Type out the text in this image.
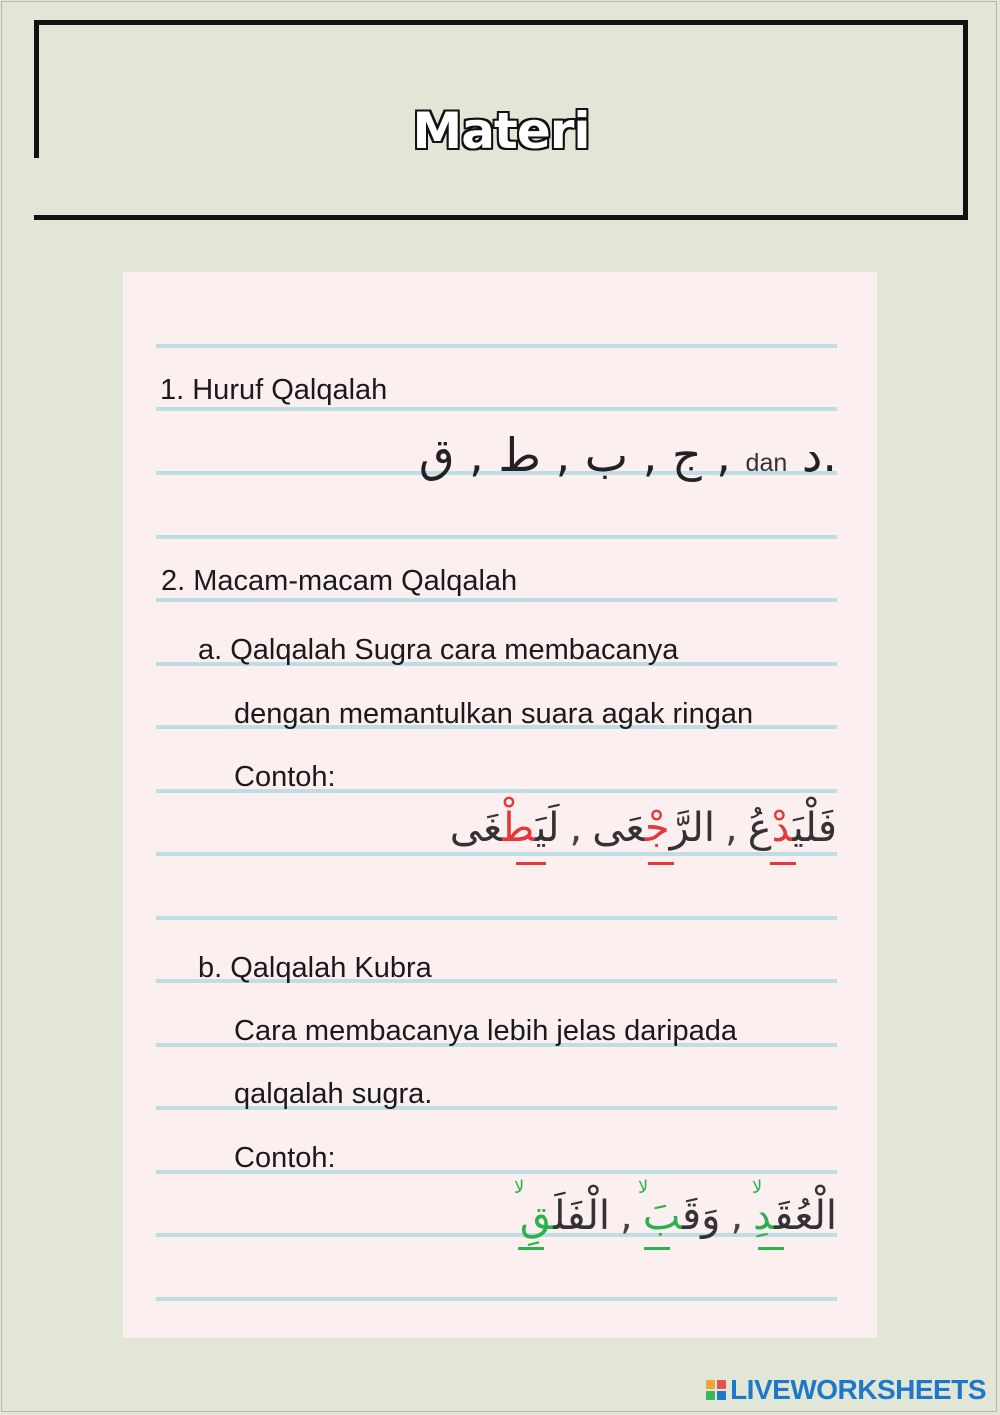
Materi
1. Huruf Qalqalah
ج , ب , ط , ق , dan د.
2. Macam-macam Qalqalah
a. Qalqalah Sugra cara membacanya
dengan memantulkan suara agak ringan
Contoh:
فَلْيَدْعُ,الرَّجْعَى,لَيَطْغَى
b. Qalqalah Kubra
Cara membacanya lebih jelas daripada
qalqalah sugra.
Contoh:
ﻻ
ﻻ
ﻻ
الْعُقَدِ,وَقَبَ,الْفَلَقِ
LIVEWORKSHEETS
